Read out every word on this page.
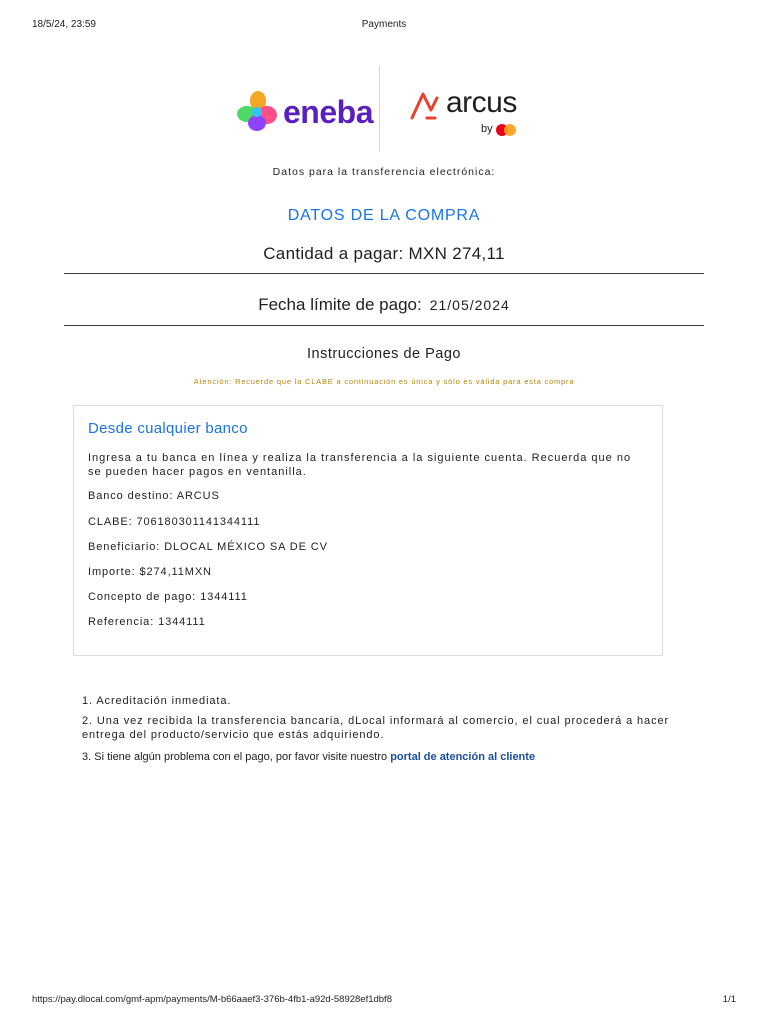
18/5/24, 23:59	Payments
eneba arcus
by
Datos para la transferencia electrónica:
DATOS DE LA COMPRA
Cantidad a pagar: MXN 274,11
Fecha límite de pago: 21/05/2024
Instrucciones de Pago
Atención: Recuerde que la CLABE a continuación es única y sólo es válida para esta compra
Desde cualquier banco
Ingresa a tu banca en línea y realiza la transferencia a la siguiente cuenta. Recuerda que no se pueden hacer pagos en ventanilla.
Banco destino: ARCUS
CLABE: 706180301141344111
Beneficiario: DLOCAL MÉXICO SA DE CV
Importe: $274,11MXN
Concepto de pago: 1344111
Referencia: 1344111
1. Acreditación inmediata.
2. Una vez recibida la transferencia bancaria, dLocal informará al comercio, el cual procederá a hacer entrega del producto/servicio que estás adquiriendo.
3. Si tiene algún problema con el pago, por favor visite nuestro portal de atención al cliente
https://pay.dlocal.com/gmf-apm/payments/M-b66aaef3-376b-4fb1-a92d-58928ef1dbf8	1/1
